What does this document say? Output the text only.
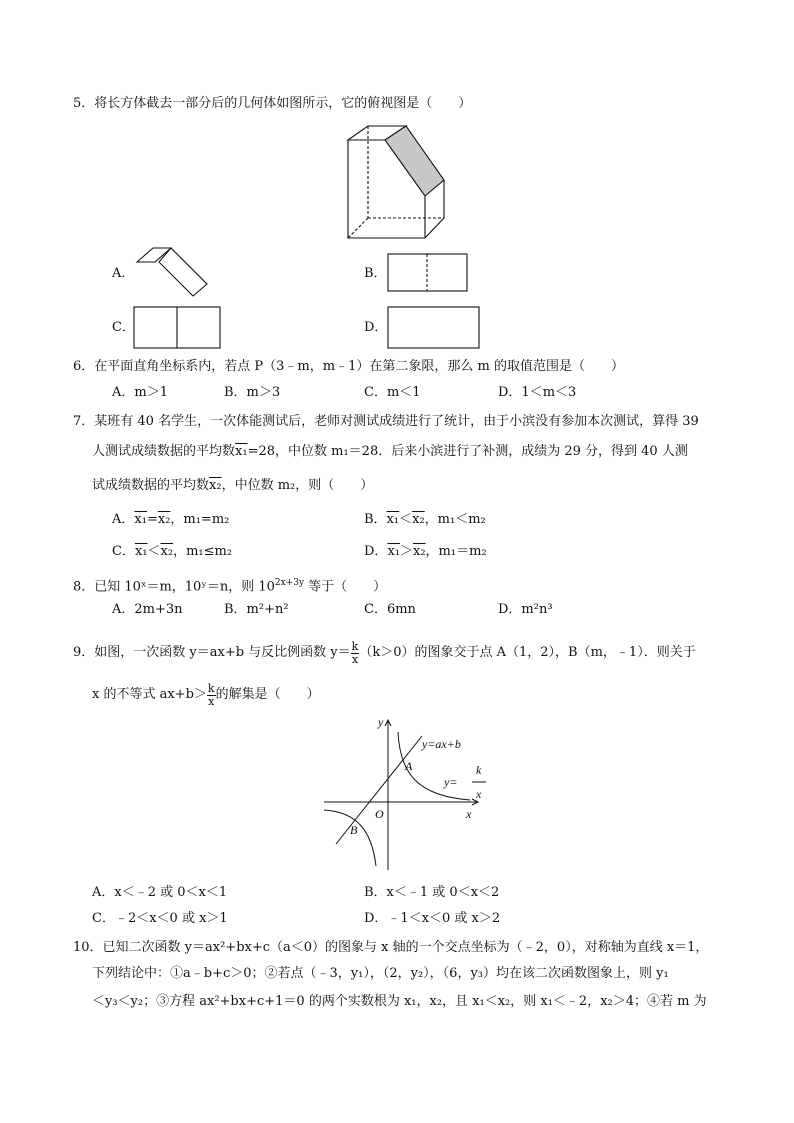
5．将长方体截去一部分后的几何体如图所示，它的俯视图是（　　）
A．	B．
C．	D．
6．在平面直角坐标系内，若点 P（3﹣m，m﹣1）在第二象限，那么 m 的取值范围是（　　）
A．m＞1	B．m＞3	C．m＜1	D．1＜m＜3
7．某班有 40 名学生，一次体能测试后，老师对测试成绩进行了统计，由于小滨没有参加本次测试，算得 39
人测试成绩数据的平均数x₁=28，中位数 m₁＝28．后来小滨进行了补测，成绩为 29 分，得到 40 人测
试成绩数据的平均数x₂，中位数 m₂，则（　　）
A．x₁=x₂，m₁=m₂	B．x₁＜x₂，m₁＜m₂
C．x₁＜x₂，m₁≤m₂	D．x₁＞x₂，m₁＝m₂
8．已知 10ˣ＝m，10ʸ＝n，则 $10^{2x+3y}$ 等于（　　）
A．2m+3n	B．m²+n²	C．6mn	D．m²n³
9．如图，一次函数 y＝ax+b 与反比例函数 $y= \frac{k}{x} (k>0)$的图象交于点 A（1，2），B（m，﹣1）．则关于
x 的不等式 $ax+b> \frac{k}{x}$ 的解集是（　　）
y
x
O
A
B
y=ax+b
y=
k
x
A．x＜﹣2 或 0＜x＜1	B．x＜﹣1 或 0＜x＜2
C．﹣2＜x＜0 或 x＞1	D．﹣1＜x＜0 或 x＞2
10．已知二次函数 y＝ax²+bx+c（a＜0）的图象与 x 轴的一个交点坐标为（﹣2，0），对称轴为直线 x＝1，
下列结论中：①a﹣b+c＞0；②若点（﹣3，y₁），（2，y₂），（6，y₃）均在该二次函数图象上，则 y₁
＜y₃＜y₂；③方程 ax²+bx+c+1＝0 的两个实数根为 x₁，x₂，且 x₁＜x₂，则 x₁＜﹣2，x₂＞4；④若 m 为
